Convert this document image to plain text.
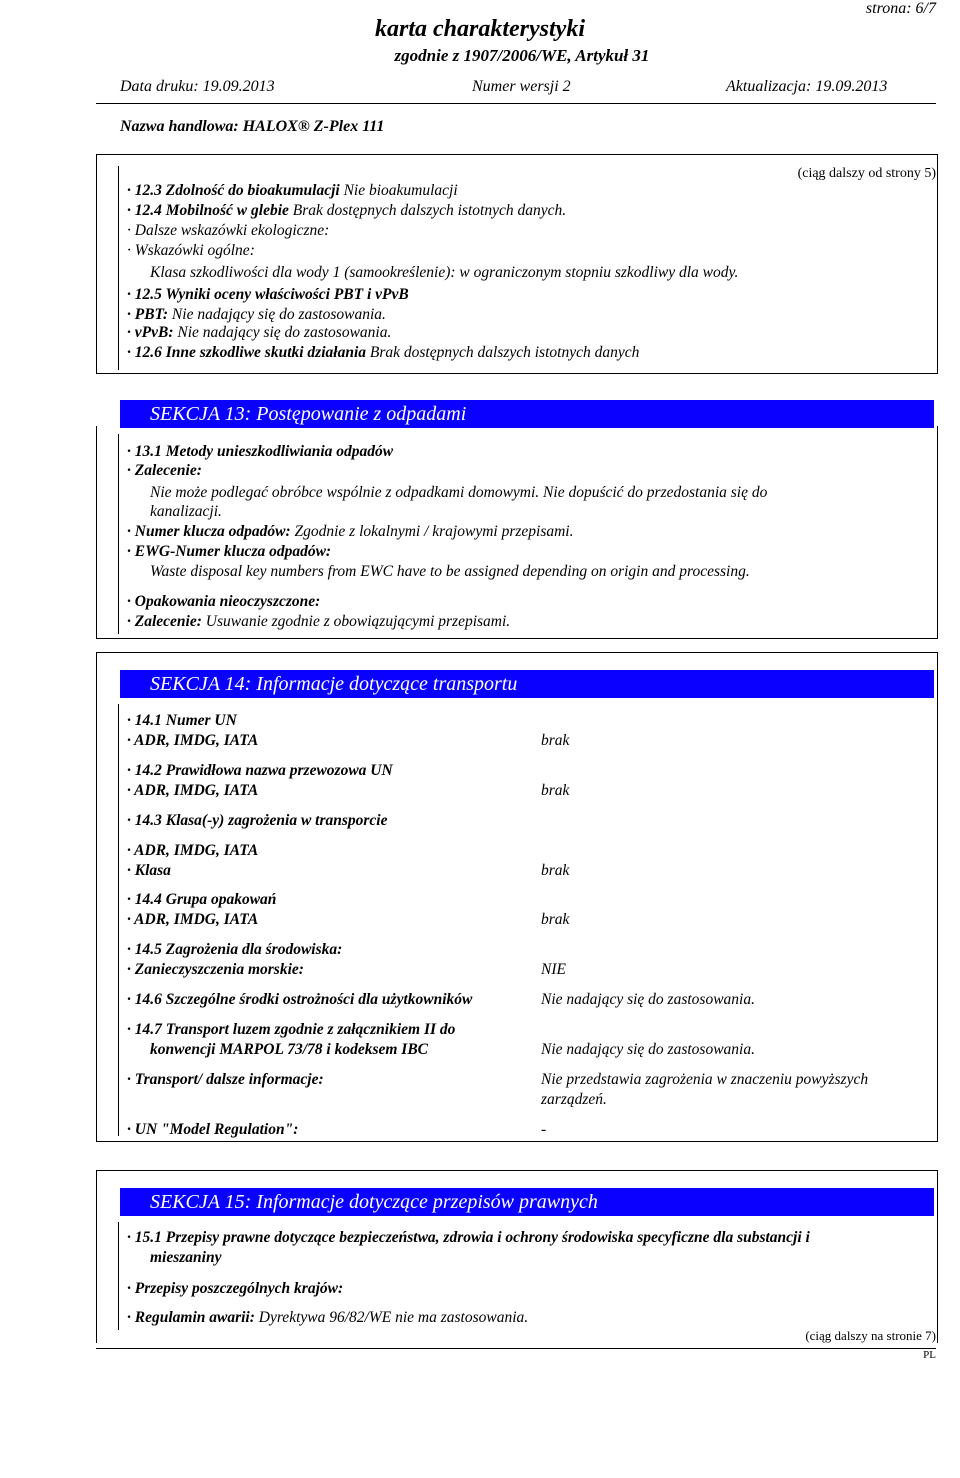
strona: 6/7
karta charakterystyki
zgodnie z 1907/2006/WE, Artykuł 31
Data druku: 19.09.2013	Numer wersji 2	Aktualizacja: 19.09.2013
Nazwa handlowa: HALOX® Z-Plex 111
(ciąg dalszy od strony 5)
· 12.3 Zdolność do bioakumulacji Nie bioakumulacji
· 12.4 Mobilność w glebie Brak dostępnych dalszych istotnych danych.
· Dalsze wskazówki ekologiczne:
· Wskazówki ogólne:
Klasa szkodliwości dla wody 1 (samookreślenie): w ograniczonym stopniu szkodliwy dla wody.
· 12.5 Wyniki oceny właściwości PBT i vPvB
· PBT: Nie nadający się do zastosowania.
· vPvB: Nie nadający się do zastosowania.
· 12.6 Inne szkodliwe skutki działania Brak dostępnych dalszych istotnych danych
SEKCJA 13: Postępowanie z odpadami
· 13.1 Metody unieszkodliwiania odpadów
· Zalecenie:
Nie może podlegać obróbce wspólnie z odpadkami domowymi. Nie dopuścić do przedostania się do
kanalizacji.
· Numer klucza odpadów: Zgodnie z lokalnymi / krajowymi przepisami.
· EWG-Numer klucza odpadów:
Waste disposal key numbers from EWC have to be assigned depending on origin and processing.
· Opakowania nieoczyszczone:
· Zalecenie: Usuwanie zgodnie z obowiązującymi przepisami.
SEKCJA 14: Informacje dotyczące transportu
· 14.1 Numer UN
· ADR, IMDG, IATA	brak
· 14.2 Prawidłowa nazwa przewozowa UN
· ADR, IMDG, IATA	brak
· 14.3 Klasa(-y) zagrożenia w transporcie
· ADR, IMDG, IATA
· Klasa	brak
· 14.4 Grupa opakowań
· ADR, IMDG, IATA	brak
· 14.5 Zagrożenia dla środowiska:
· Zanieczyszczenia morskie:	NIE
· 14.6 Szczególne środki ostrożności dla użytkowników	Nie nadający się do zastosowania.
· 14.7 Transport luzem zgodnie z załącznikiem II do
konwencji MARPOL 73/78 i kodeksem IBC	Nie nadający się do zastosowania.
· Transport/ dalsze informacje:	Nie przedstawia zagrożenia w znaczeniu powyższych
zarządzeń.
· UN "Model Regulation":	-
SEKCJA 15: Informacje dotyczące przepisów prawnych
· 15.1 Przepisy prawne dotyczące bezpieczeństwa, zdrowia i ochrony środowiska specyficzne dla substancji i
mieszaniny
· Przepisy poszczególnych krajów:
· Regulamin awarii: Dyrektywa 96/82/WE nie ma zastosowania.
(ciąg dalszy na stronie 7)
PL
